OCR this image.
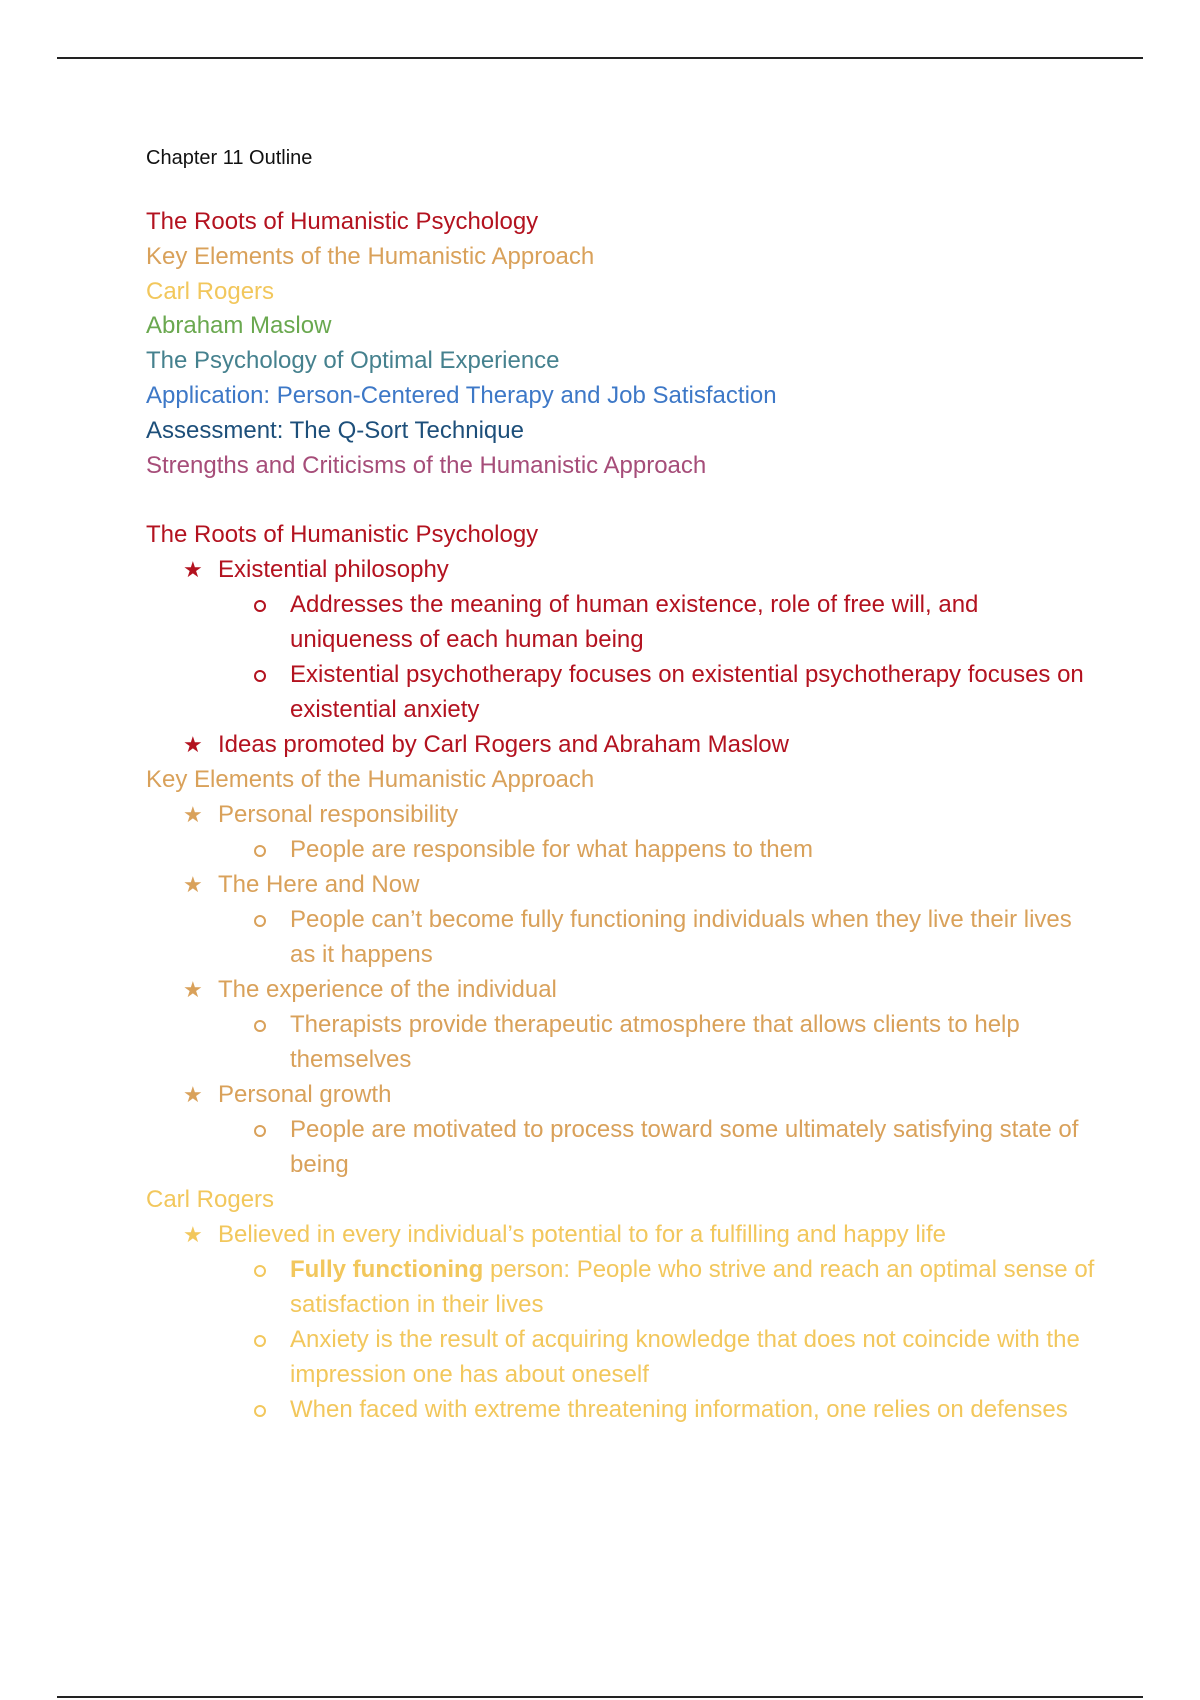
Chapter 11 Outline
The Roots of Humanistic Psychology
Key Elements of the Humanistic Approach
Carl Rogers
Abraham Maslow
The Psychology of Optimal Experience
Application: Person-Centered Therapy and Job Satisfaction
Assessment: The Q-Sort Technique
Strengths and Criticisms of the Humanistic Approach
The Roots of Humanistic Psychology
★ Existential philosophy
Addresses the meaning of human existence, role of free will, and uniqueness of each human being
Existential psychotherapy focuses on existential psychotherapy focuses on existential anxiety
★ Ideas promoted by Carl Rogers and Abraham Maslow
Key Elements of the Humanistic Approach
★ Personal responsibility
People are responsible for what happens to them
★ The Here and Now
People can’t become fully functioning individuals when they live their lives as it happens
★ The experience of the individual
Therapists provide therapeutic atmosphere that allows clients to help themselves
★ Personal growth
People are motivated to process toward some ultimately satisfying state of being
Carl Rogers
★ Believed in every individual’s potential to for a fulfilling and happy life
Fully functioning person: People who strive and reach an optimal sense of satisfaction in their lives
Anxiety is the result of acquiring knowledge that does not coincide with the impression one has about oneself
When faced with extreme threatening information, one relies on defenses
